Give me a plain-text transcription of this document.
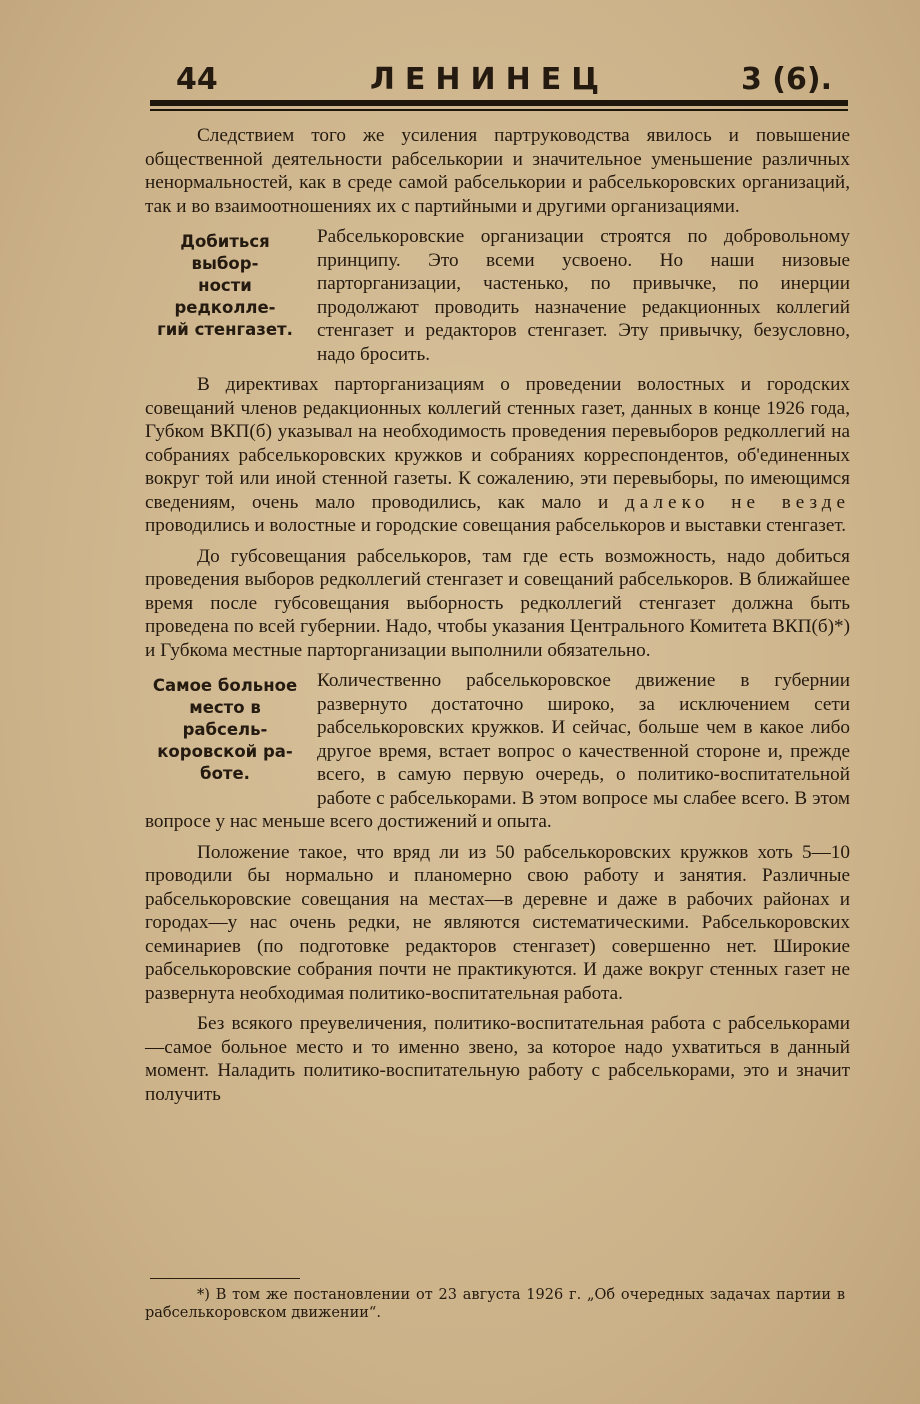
44	ЛЕНИНЕЦ	3 (6).

Следствием того же усиления партруководства явилось и повышение общественной деятельности рабселькории и значительное уменьшение различных ненормальностей, как в среде самой рабселькории и рабселькоровских организаций, так и во взаимоотношениях их с партийными и другими организациями.

Добиться выбор-
ности редколле-
гий стенгазет.

Рабселькоровские организации строятся по добровольному принципу. Это всеми усвоено. Но наши низовые парторганизации, частенько, по привычке, по инерции продолжают проводить назначение редакционных коллегий стенгазет и редакторов стенгазет. Эту привычку, безусловно, надо бросить.

В директивах парторганизациям о проведении волостных и городских совещаний членов редакционных коллегий стенных газет, данных в конце 1926 года, Губком ВКП(б) указывал на необходимость проведения перевыборов редколлегий на собраниях рабселькоровских кружков и собраниях корреспондентов, об'единенных вокруг той или иной стенной газеты. К сожалению, эти перевыборы, по имеющимся сведениям, очень мало проводились, как мало и далеко не везде проводились и волостные и городские совещания рабселькоров и выставки стенгазет.

До губсовещания рабселькоров, там где есть возможность, надо добиться проведения выборов редколлегий стенгазет и совещаний рабселькоров. В ближайшее время после губсовещания выборность редколлегий стенгазет должна быть проведена по всей губернии. Надо, чтобы указания Центрального Комитета ВКП(б)*) и Губкома местные парторганизации выполнили обязательно.

Самое больное
место в рабсель-
коровской ра-
боте.

Количественно рабселькоровское движение в губернии развернуто достаточно широко, за исключением сети рабселькоровских кружков. И сейчас, больше чем в какое либо другое время, встает вопрос о качественной стороне и, прежде всего, в самую первую очередь, о политико-воспитательной работе с рабселькорами. В этом вопросе мы слабее всего. В этом вопросе у нас меньше всего достижений и опыта.

Положение такое, что вряд ли из 50 рабселькоровских кружков хоть 5—10 проводили бы нормально и планомерно свою работу и занятия. Различные рабселькоровские совещания на местах—в деревне и даже в рабочих районах и городах—у нас очень редки, не являются систематическими. Рабселькоровских семинариев (по подготовке редакторов стенгазет) совершенно нет. Широкие рабселькоровские собрания почти не практикуются. И даже вокруг стенных газет не развернута необходимая политико-воспитательная работа.

Без всякого преувеличения, политико-воспитательная работа с рабселькорами—самое больное место и то именно звено, за которое надо ухватиться в данный момент. Наладить политико-воспитательную работу с рабселькорами, это и значит получить

*) В том же постановлении от 23 августа 1926 г. „Об очередных задачах партии в рабселькоровском движении“.
